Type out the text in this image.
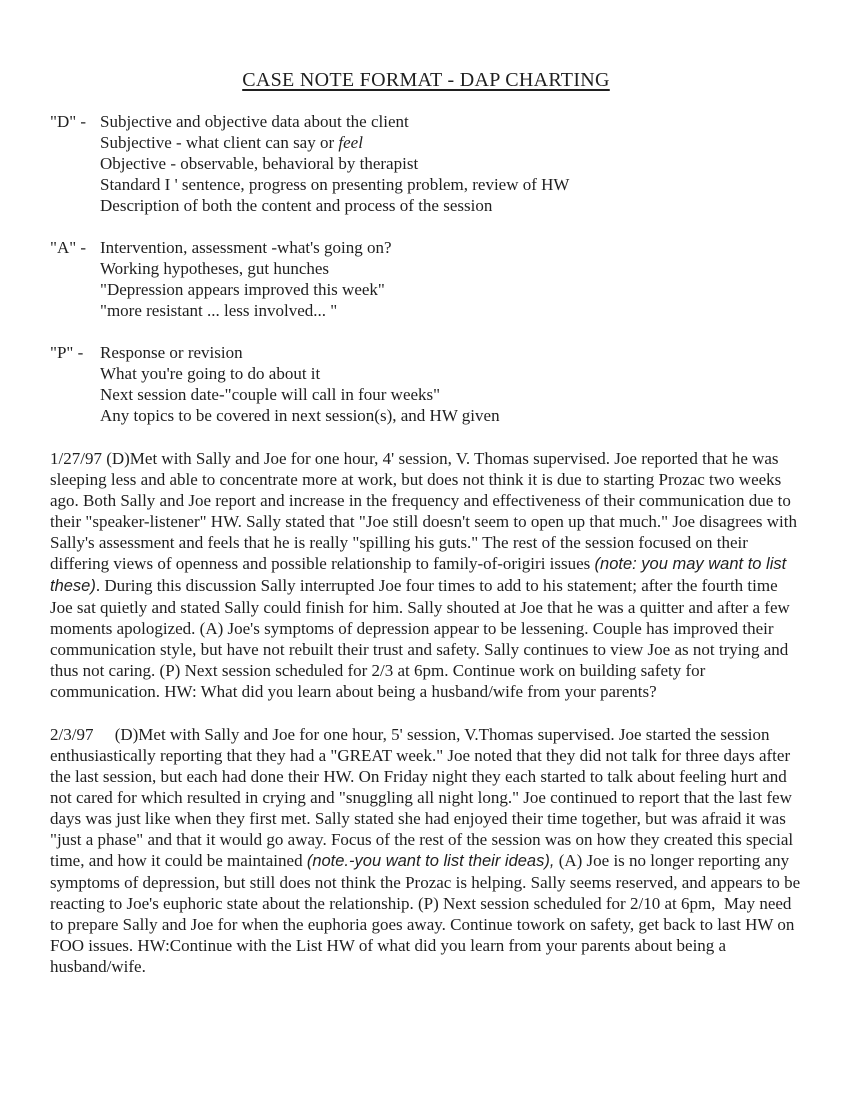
CASE NOTE FORMAT - DAP CHARTING
"D" - Subjective and objective data about the client
Subjective - what client can say or feel
Objective - observable, behavioral by therapist
Standard I ' sentence, progress on presenting problem, review of HW
Description of both the content and process of the session
"A" - Intervention, assessment -what's going on?
Working hypotheses, gut hunches
"Depression appears improved this week"
"more resistant ... less involved... "
"P" - Response or revision
What you're going to do about it
Next session date-"couple will call in four weeks"
Any topics to be covered in next session(s), and HW given
1/27/97 (D)Met with Sally and Joe for one hour, 4' session, V. Thomas supervised. Joe reported that he was sleeping less and able to concentrate more at work, but does not think it is due to starting Prozac two weeks ago. Both Sally and Joe report and increase in the frequency and effectiveness of their communication due to their "speaker-listener" HW. Sally stated that "Joe still doesn't seem to open up that much." Joe disagrees with Sally's assessment and feels that he is really "spilling his guts." The rest of the session focused on their differing views of openness and possible relationship to family-of-origiri issues (note: you may want to list these). During this discussion Sally interrupted Joe four times to add to his statement; after the fourth time Joe sat quietly and stated Sally could finish for him. Sally shouted at Joe that he was a quitter and after a few moments apologized. (A) Joe's symptoms of depression appear to be lessening. Couple has improved their communication style, but have not rebuilt their trust and safety. Sally continues to view Joe as not trying and thus not caring. (P) Next session scheduled for 2/3 at 6pm. Continue work on building safety for communication. HW: What did you learn about being a husband/wife from your parents?
2/3/97     (D)Met with Sally and Joe for one hour, 5' session, V.Thomas supervised. Joe started the session enthusiastically reporting that they had a "GREAT week." Joe noted that they did not talk for three days after the last session, but each had done their HW. On Friday night they each started to talk about feeling hurt and not cared for which resulted in crying and "snuggling all night long." Joe continued to report that the last few days was just like when they first met. Sally stated she had enjoyed their time together, but was afraid it was "just a phase" and that it would go away. Focus of the rest of the session was on how they created this special time, and how it could be maintained (note.-you want to list their ideas), (A) Joe is no longer reporting any symptoms of depression, but still does not think the Prozac is helping. Sally seems reserved, and appears to be reacting to Joe's euphoric state about the relationship. (P) Next session scheduled for 2/10 at 6pm,  May need to prepare Sally and Joe for when the euphoria goes away. Continue towork on safety, get back to last HW on FOO issues. HW:Continue with the List HW of what did you learn from your parents about being a husband/wife.
